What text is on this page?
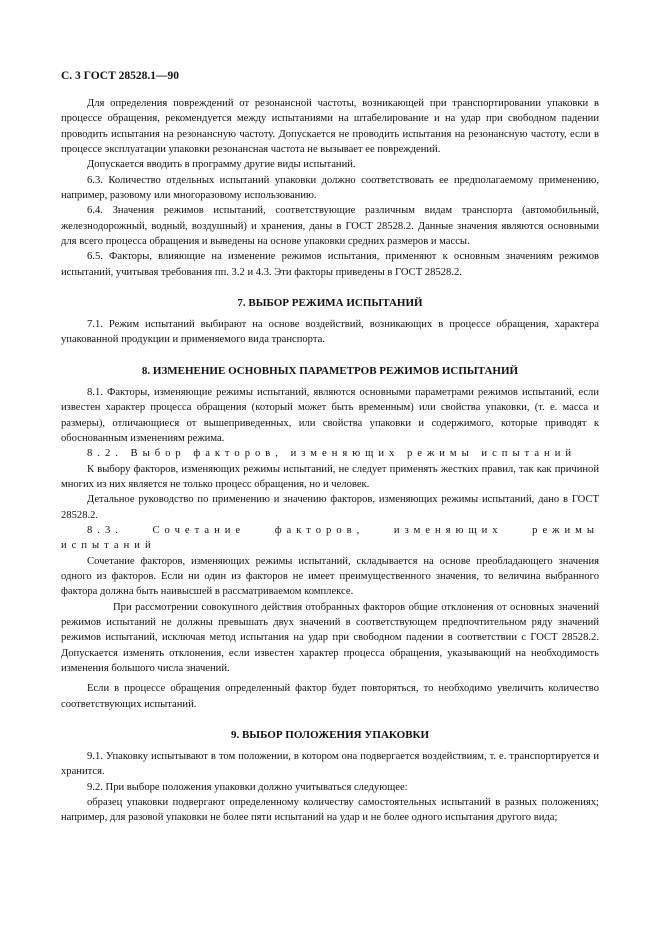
С. 3 ГОСТ 28528.1—90

Для определения повреждений от резонансной частоты, возникающей при транспортировании упаковки в процессе обращения, рекомендуется между испытаниями на штабелирование и на удар при свободном падении проводить испытания на резонансную частоту. Допускается не проводить испытания на резонансную частоту, если в процессе эксплуатации упаковки резонансная частота не вызывает ее повреждений.

Допускается вводить в программу другие виды испытаний.

6.3. Количество отдельных испытаний упаковки должно соответствовать ее предполагаемому применению, например, разовому или многоразовому использованию.

6.4. Значения режимов испытаний, соответствующие различным видам транспорта (автомобильный, железнодорожный, водный, воздушный) и хранения, даны в ГОСТ 28528.2. Данные значения являются основными для всего процесса обращения и выведены на основе упаковки средних размеров и массы.

6.5. Факторы, влияющие на изменение режимов испытания, применяют к основным значениям режимов испытаний, учитывая требования пп. 3.2 и 4.3. Эти факторы приведены в ГОСТ 28528.2.

7. ВЫБОР РЕЖИМА ИСПЫТАНИЙ

7.1. Режим испытаний выбирают на основе воздействий, возникающих в процессе обращения, характера упакованной продукции и применяемого вида транспорта.

8. ИЗМЕНЕНИЕ ОСНОВНЫХ ПАРАМЕТРОВ РЕЖИМОВ ИСПЫТАНИЙ

8.1. Факторы, изменяющие режимы испытаний, являются основными параметрами режимов испытаний, если известен характер процесса обращения (который может быть временным) или свойства упаковки, (т. е. масса и размеры), отличающиеся от вышеприведенных, или свойства упаковки и содержимого, которые приводят к обоснованным изменениям режима.

8.2. Выбор факторов, изменяющих режимы испытаний

К выбору факторов, изменяющих режимы испытаний, не следует применять жестких правил, так как причиной многих из них является не только процесс обращения, но и человек.

Детальное руководство по применению и значению факторов, изменяющих режимы испытаний, дано в ГОСТ 28528.2.

8.3. Сочетание факторов, изменяющих режимы испытаний

Сочетание факторов, изменяющих режимы испытаний, складывается на основе преобладающего значения одного из факторов. Если ни один из факторов не имеет преимущественного значения, то величина выбранного фактора должна быть наивысшей в рассматриваемом комплексе.

При рассмотрении совокупного действия отобранных факторов общие отклонения от основных значений режимов испытаний не должны превышать двух значений в соответствующем предпочтительном ряду значений режимов испытаний, исключая метод испытания на удар при свободном падении в соответствии с ГОСТ 28528.2. Допускается изменять отклонения, если известен характер процесса обращения, указывающий на необходимость изменения большого числа значений.

Если в процессе обращения определенный фактор будет повторяться, то необходимо увеличить количество соответствующих испытаний.

9. ВЫБОР ПОЛОЖЕНИЯ УПАКОВКИ

9.1. Упаковку испытывают в том положении, в котором она подвергается воздействиям, т. е. транспортируется и хранится.

9.2. При выборе положения упаковки должно учитываться следующее:

образец упаковки подвергают определенному количеству самостоятельных испытаний в разных положениях; например, для разовой упаковки не более пяти испытаний на удар и не более одного испытания другого вида;
